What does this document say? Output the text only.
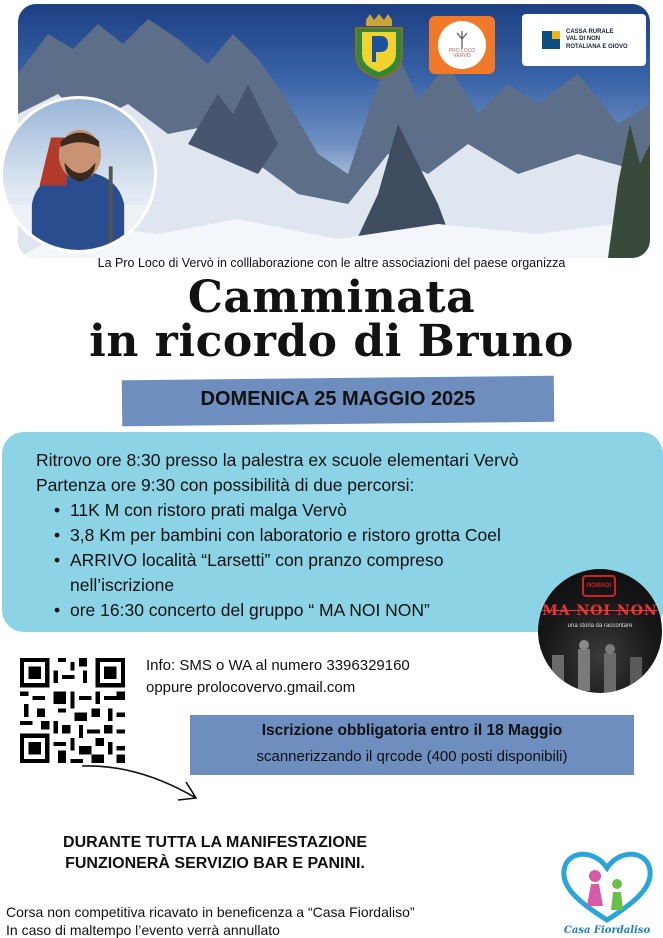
PRO LOCO
VERVÒ
CASSA RURALE
VAL DI NON
ROTALIANA E GIOVO
La Pro Loco di Vervò in colllaborazione con le altre associazioni del paese organizza
Camminata
in ricordo di Bruno
DOMENICA 25 MAGGIO 2025
Ritrovo ore 8:30 presso la palestra ex scuole elementari Vervò
Partenza ore 9:30 con possibilità di due percorsi:
• 11K M con ristoro prati malga Vervò
• 3,8 Km per bambini con laboratorio e ristoro grotta Coel
• ARRIVO località “Larsetti” con pranzo compreso nell’iscrizione
• ore 16:30 concerto del gruppo “ MA NOI NON”
NOMADI
MA NOI NON
una storia da raccontare
Info: SMS o WA al numero 3396329160
oppure prolocovervo.gmail.com
Iscrizione obbligatoria entro il 18 Maggio
scannerizzando il qrcode (400 posti disponibili)
DURANTE TUTTA LA MANIFESTAZIONE
FUNZIONERÀ SERVIZIO BAR E PANINI.
Casa Fiordaliso
Corsa non competitiva ricavato in beneficenza a “Casa Fiordaliso”
In caso di maltempo l’evento verrà annullato
